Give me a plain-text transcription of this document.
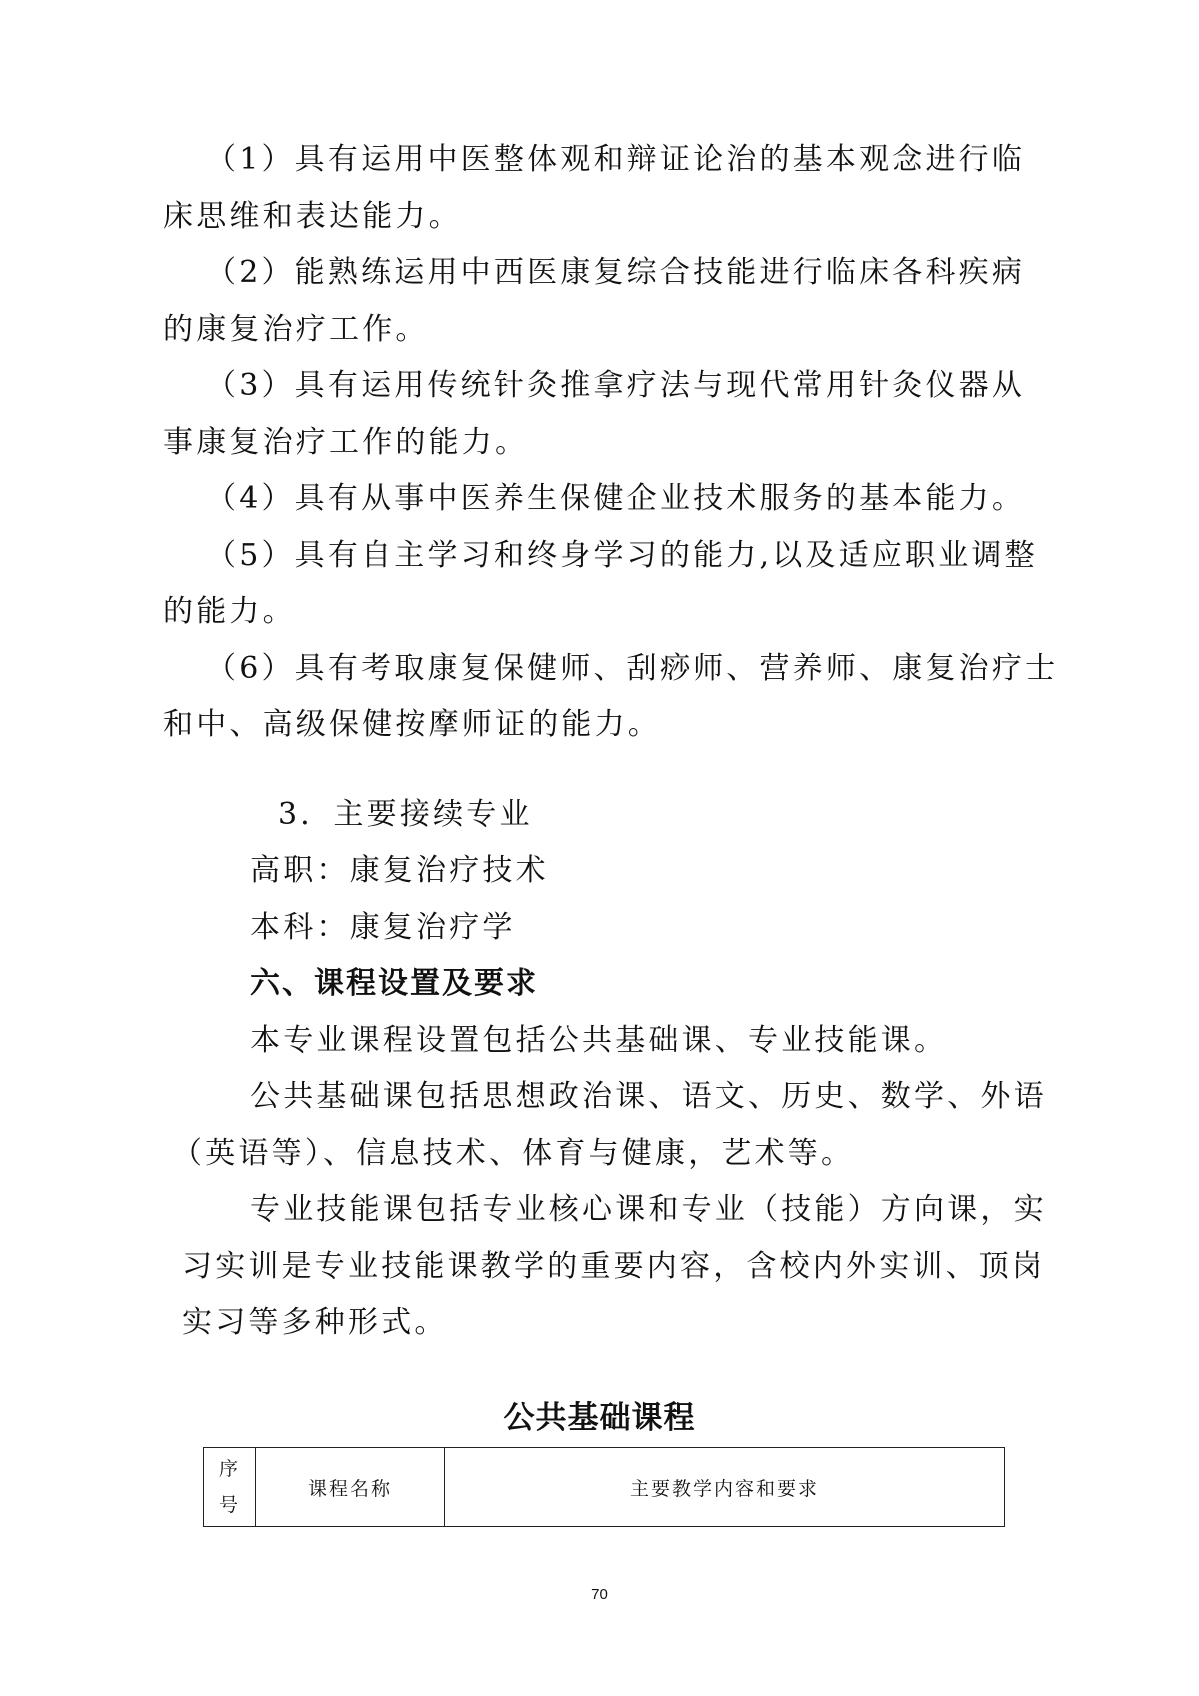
（1）具有运用中医整体观和辩证论治的基本观念进行临
床思维和表达能力。
（2）能熟练运用中西医康复综合技能进行临床各科疾病
的康复治疗工作。
（3）具有运用传统针灸推拿疗法与现代常用针灸仪器从
事康复治疗工作的能力。
（4）具有从事中医养生保健企业技术服务的基本能力。
（5）具有自主学习和终身学习的能力,以及适应职业调整
的能力。
（6）具有考取康复保健师、刮痧师、营养师、康复治疗士
和中、高级保健按摩师证的能力。
3．主要接续专业
高职：康复治疗技术
本科：康复治疗学
六、课程设置及要求
本专业课程设置包括公共基础课、专业技能课。
公共基础课包括思想政治课、语文、历史、数学、外语
（英语等）、信息技术、体育与健康，艺术等。
专业技能课包括专业核心课和专业（技能）方向课，实
习实训是专业技能课教学的重要内容，含校内外实训、顶岗
实习等多种形式。
公共基础课程
序
号
	课程名称	主要教学内容和要求
70
